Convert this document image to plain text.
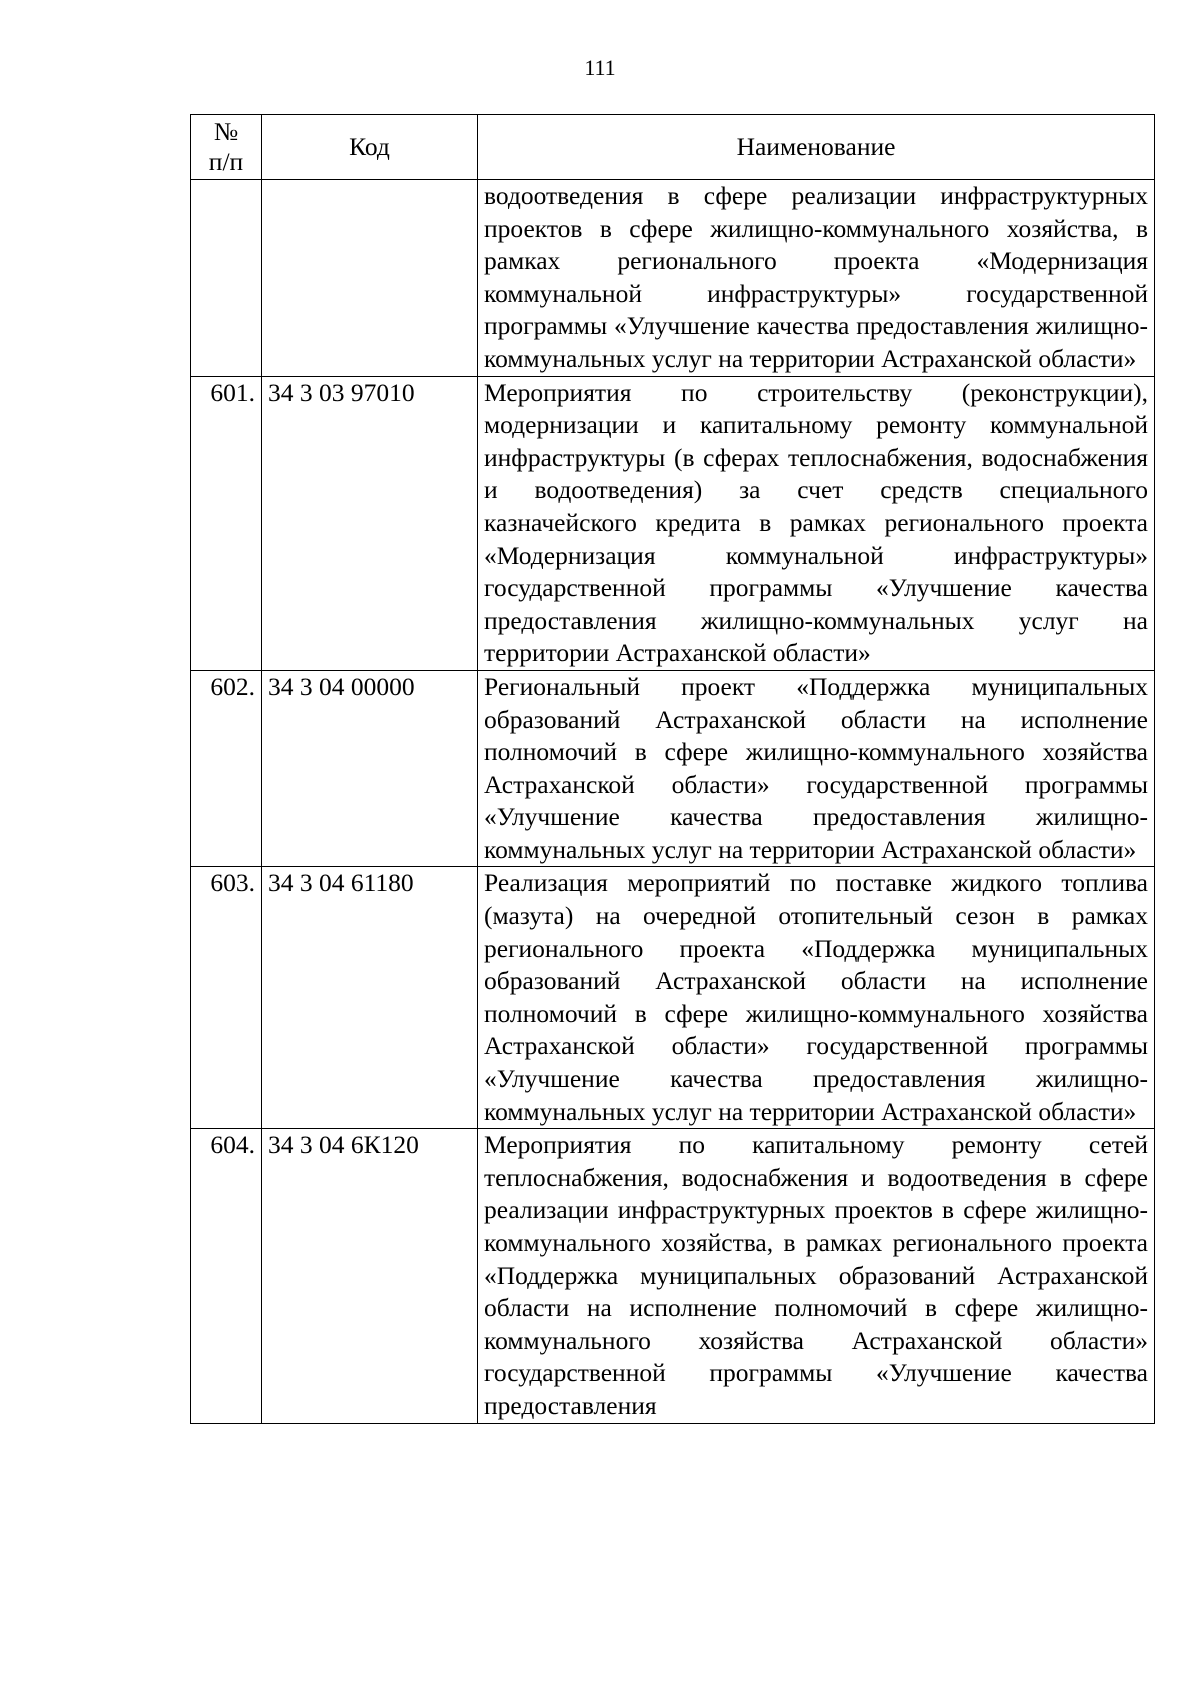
111
№
п/п	Код	Наименование

		водоотведения в сфере реализации инфраструктурных проектов в сфере жилищно-коммунального хозяйства, в рамках регионального проекта «Модернизация коммунальной инфраструктуры» государственной программы «Улучшение качества предоставления жилищно-коммунальных услуг на территории Астраханской области»

601.	34 3 03 97010	Мероприятия по строительству (реконструкции), модернизации и капитальному ремонту коммунальной инфраструктуры (в сферах теплоснабжения, водоснабжения и водоотведения) за счет средств специального казначейского кредита в рамках регионального проекта «Модернизация коммунальной инфраструктуры» государственной программы «Улучшение качества предоставления жилищно-коммунальных услуг на территории Астраханской области»

602.	34 3 04 00000	Региональный проект «Поддержка муниципальных образований Астраханской области на исполнение полномочий в сфере жилищно-коммунального хозяйства Астраханской области» государственной программы «Улучшение качества предоставления жилищно-коммунальных услуг на территории Астраханской области»

603.	34 3 04 61180	Реализация мероприятий по поставке жидкого топлива (мазута) на очередной отопительный сезон в рамках регионального проекта «Поддержка муниципальных образований Астраханской области на исполнение полномочий в сфере жилищно-коммунального хозяйства Астраханской области» государственной программы «Улучшение качества предоставления жилищно-коммунальных услуг на территории Астраханской области»

604.	34 3 04 6К120	Мероприятия по капитальному ремонту сетей теплоснабжения, водоснабжения и водоотведения в сфере реализации инфраструктурных проектов в сфере жилищно-коммунального хозяйства, в рамках регионального проекта «Поддержка муниципальных образований Астраханской области на исполнение полномочий в сфере жилищно-коммунального хозяйства Астраханской области» государственной программы «Улучшение качества предоставления
